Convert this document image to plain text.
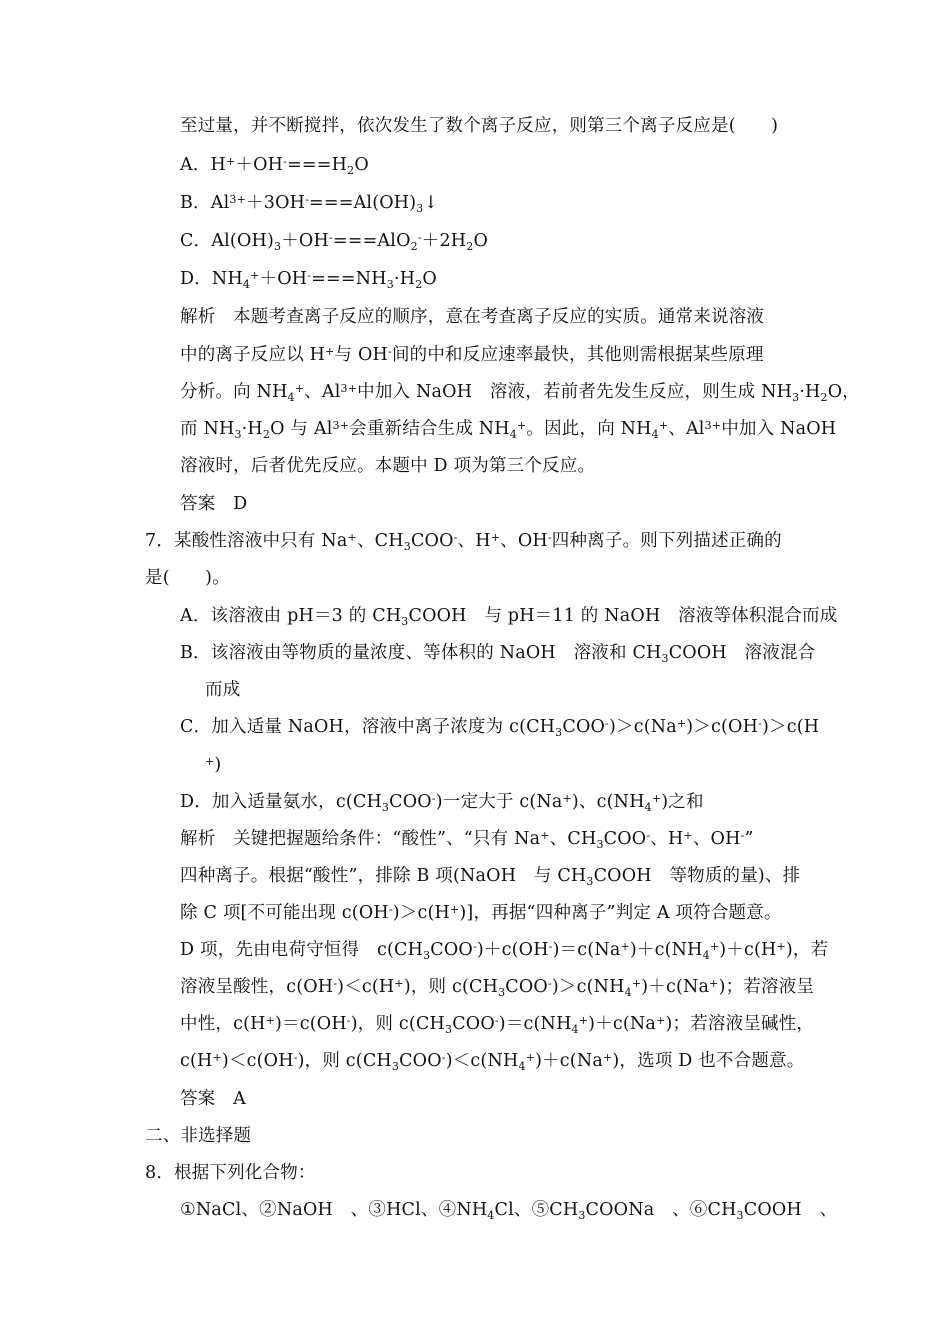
至过量，并不断搅拌，依次发生了数个离子反应，则第三个离子反应是(　　)
A．$H^++OH^-===H_2O$
B．$Al^{3+}+3OH^-===Al(OH)_3↓$
C．$Al(OH)_3+OH^-===AlO_2^-+2H_2O$
D．$NH_4^++OH^-===NH_3\cdot H_2O$
解析　本题考查离子反应的顺序，意在考查离子反应的实质。通常来说溶液
中的离子反应以 H+与 OH-间的中和反应速率最快，其他则需根据某些原理
分析。向 $NH_4^+$、$Al^{3+}$中加入 NaOH　溶液，若前者先发生反应，则生成 $NH_3\cdot H_2O$，
而 $NH_3\cdot H_2O$ 与 $Al^{3+}$会重新结合生成 $NH_4^+$。因此，向 $NH_4^+$、$Al^{3+}$中加入 NaOH
溶液时，后者优先反应。本题中 D 项为第三个反应。
答案　D
7．某酸性溶液中只有 Na+、$CH_3COO^-$、H+、OH-四种离子。则下列描述正确的
是(　　)。
A．该溶液由 pH＝3 的 $CH_3COOH$　与 pH＝11 的 NaOH　溶液等体积混合而成
B．该溶液由等物质的量浓度、等体积的 NaOH　溶液和 $CH_3COOH$　溶液混合
而成
C．加入适量 NaOH，溶液中离子浓度为 $c(CH_3COO^-)>c(Na^+)>c(OH^-)>c(H$
+)
D．加入适量氨水，$c(CH_3COO^-)$一定大于 c(Na+)、$c(NH_4^+)$之和
解析　关键把握题给条件：“酸性”、“只有 Na+、$CH_3COO^-$、H+、OH-”
四种离子。根据“酸性”，排除 B 项(NaOH　与 $CH_3COOH$　等物质的量)、排
除 C 项[不可能出现 c(OH-)＞c(H+)]，再据“四种离子”判定 A 项符合题意。
D 项，先由电荷守恒得　$c(CH_3COO^-)+c(OH^-)=c(Na^+)+c(NH_4^+)+c(H^+)$，若
溶液呈酸性，c(OH-)＜c(H+)，则 $c(CH_3COO^-)>c(NH_4^+)+c(Na^+)$；若溶液呈
中性，c(H+)＝c(OH-)，则 $c(CH_3COO^-)=c(NH_4^+)+c(Na^+)$；若溶液呈碱性，
c(H+)＜c(OH-)，则 $c(CH_3COO^-)<c(NH_4^+)+c(Na^+)$，选项 D 也不合题意。
答案　A
二、非选择题
8．根据下列化合物：
①NaCl、②NaOH　、③HCl、$④NH_4Cl$、$⑤CH_3COONa$　、$⑥CH_3COOH$　、
